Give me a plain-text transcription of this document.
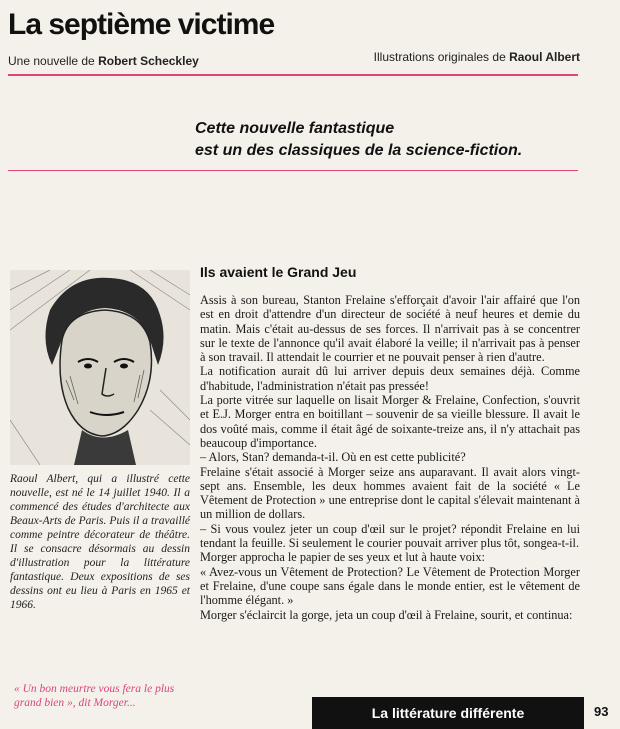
La septième victime
Une nouvelle de Robert Scheckley	Illustrations originales de Raoul Albert
Cette nouvelle fantastique
est un des classiques de la science-fiction.
Raoul Albert, qui a illustré cette nouvelle, est né le 14 juillet 1940. Il a commencé des études d'architecte aux Beaux-Arts de Paris. Puis il a travaillé comme peintre décorateur de théâtre. Il se consacre désormais au dessin d'illustration pour la littérature fantastique. Deux expositions de ses dessins ont eu lieu à Paris en 1965 et 1966.
Ils avaient le Grand Jeu

Assis à son bureau, Stanton Frelaine s'efforçait d'avoir l'air affairé que l'on est en droit d'attendre d'un directeur de société à neuf heures et demie du matin. Mais c'était au-dessus de ses forces. Il n'arrivait pas à se concentrer sur le texte de l'annonce qu'il avait élaboré la veille; il n'arrivait pas à penser à son travail. Il attendait le courrier et ne pouvait penser à rien d'autre.

La notification aurait dû lui arriver depuis deux semaines déjà. Comme d'habitude, l'administration n'était pas pressée!

La porte vitrée sur laquelle on lisait Morger & Frelaine, Confection, s'ouvrit et E.J. Morger entra en boitillant – souvenir de sa vieille blessure. Il avait le dos voûté mais, comme il était âgé de soixante-treize ans, il n'y attachait pas beaucoup d'importance.

– Alors, Stan? demanda-t-il. Où en est cette publicité?

Frelaine s'était associé à Morger seize ans auparavant. Il avait alors vingt-sept ans. Ensemble, les deux hommes avaient fait de la société « Le Vêtement de Protection » une entreprise dont le capital s'élevait maintenant à un million de dollars.

– Si vous voulez jeter un coup d'œil sur le projet? répondit Frelaine en lui tendant la feuille. Si seulement le courier pouvait arriver plus tôt, songea-t-il.

Morger approcha le papier de ses yeux et lut à haute voix:

« Avez-vous un Vêtement de Protection? Le Vêtement de Protection Morger et Frelaine, d'une coupe sans égale dans le monde entier, est le vêtement de l'homme élégant. »

Morger s'éclaircit la gorge, jeta un coup d'œil à Frelaine, sourit, et continua:

« Un bon meurtre vous fera le plus grand bien », dit Morger...
La littérature différente	93
